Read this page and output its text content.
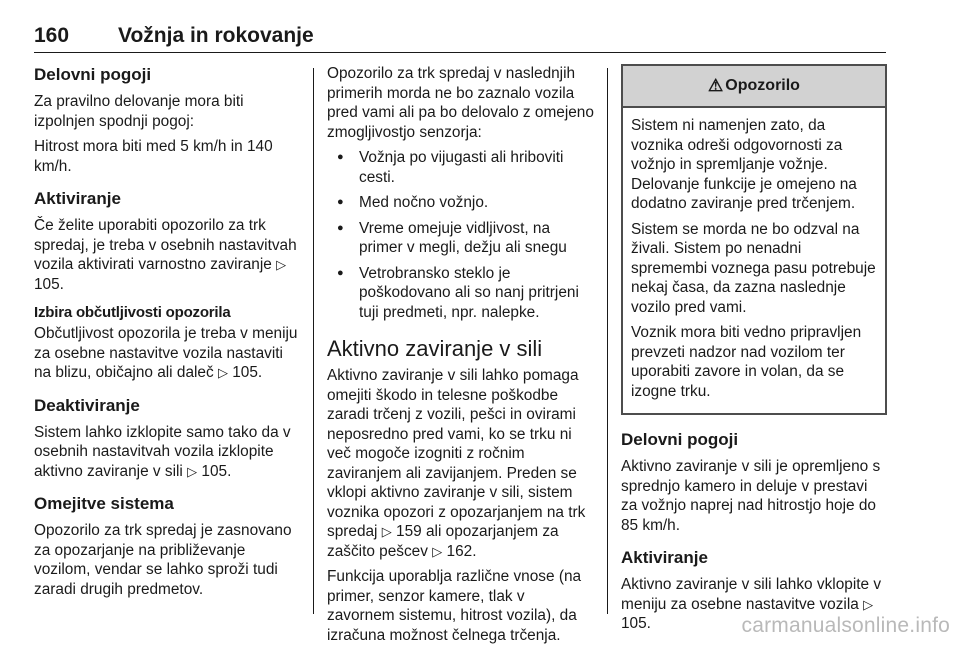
160 Vožnja in rokovanje
Delovni pogoji

Za pravilno delovanje mora biti izpolnjen spodnji pogoj:

Hitrost mora biti med 5 km/h in 140 km/h.

Aktiviranje

Če želite uporabiti opozorilo za trk spredaj, je treba v osebnih nastavitvah vozila aktivirati varnostno zaviranje ▷ 105.

Izbira občutljivosti opozorila

Občutljivost opozorila je treba v meniju za osebne nastavitve vozila nastaviti na blizu, običajno ali daleč ▷ 105.

Deaktiviranje

Sistem lahko izklopite samo tako da v osebnih nastavitvah vozila izklopite aktivno zaviranje v sili ▷ 105.

Omejitve sistema

Opozorilo za trk spredaj je zasnovano za opozarjanje na približevanje vozilom, vendar se lahko sproži tudi zaradi drugih predmetov.

Opozorilo za trk spredaj v naslednjih primerih morda ne bo zaznalo vozila pred vami ali pa bo delovalo z omejeno zmogljivostjo senzorja:

● Vožnja po vijugasti ali hriboviti cesti.
● Med nočno vožnjo.
● Vreme omejuje vidljivost, na primer v megli, dežju ali snegu
● Vetrobransko steklo je poškodovano ali so nanj pritrjeni tuji predmeti, npr. nalepke.
Aktivno zaviranje v sili

Aktivno zaviranje v sili lahko pomaga omejiti škodo in telesne poškodbe zaradi trčenj z vozili, pešci in ovirami neposredno pred vami, ko se trku ni več mogoče izogniti z ročnim zaviranjem ali zavijanjem. Preden se vklopi aktivno zaviranje v sili, sistem voznika opozori z opozarjanjem na trk spredaj ▷ 159 ali opozarjanjem za zaščito pešcev ▷ 162.

Funkcija uporablja različne vnose (na primer, senzor kamere, tlak v zavornem sistemu, hitrost vozila), da izračuna možnost čelnega trčenja.

⚠ Opozorilo

Sistem ni namenjen zato, da voznika odreši odgovornosti za vožnjo in spremljanje vožnje. Delovanje funkcije je omejeno na dodatno zaviranje pred trčenjem.

Sistem se morda ne bo odzval na živali. Sistem po nenadni spremembi voznega pasu potrebuje nekaj časa, da zazna naslednje vozilo pred vami.

Voznik mora biti vedno pripravljen prevzeti nadzor nad vozilom ter uporabiti zavore in volan, da se izogne trku.

Delovni pogoji

Aktivno zaviranje v sili je opremljeno s sprednjo kamero in deluje v prestavi za vožnjo naprej nad hitrostjo hoje do 85 km/h.

Aktiviranje

Aktivno zaviranje v sili lahko vklopite v meniju za osebne nastavitve vozila ▷ 105.	carmanualsonline.info
